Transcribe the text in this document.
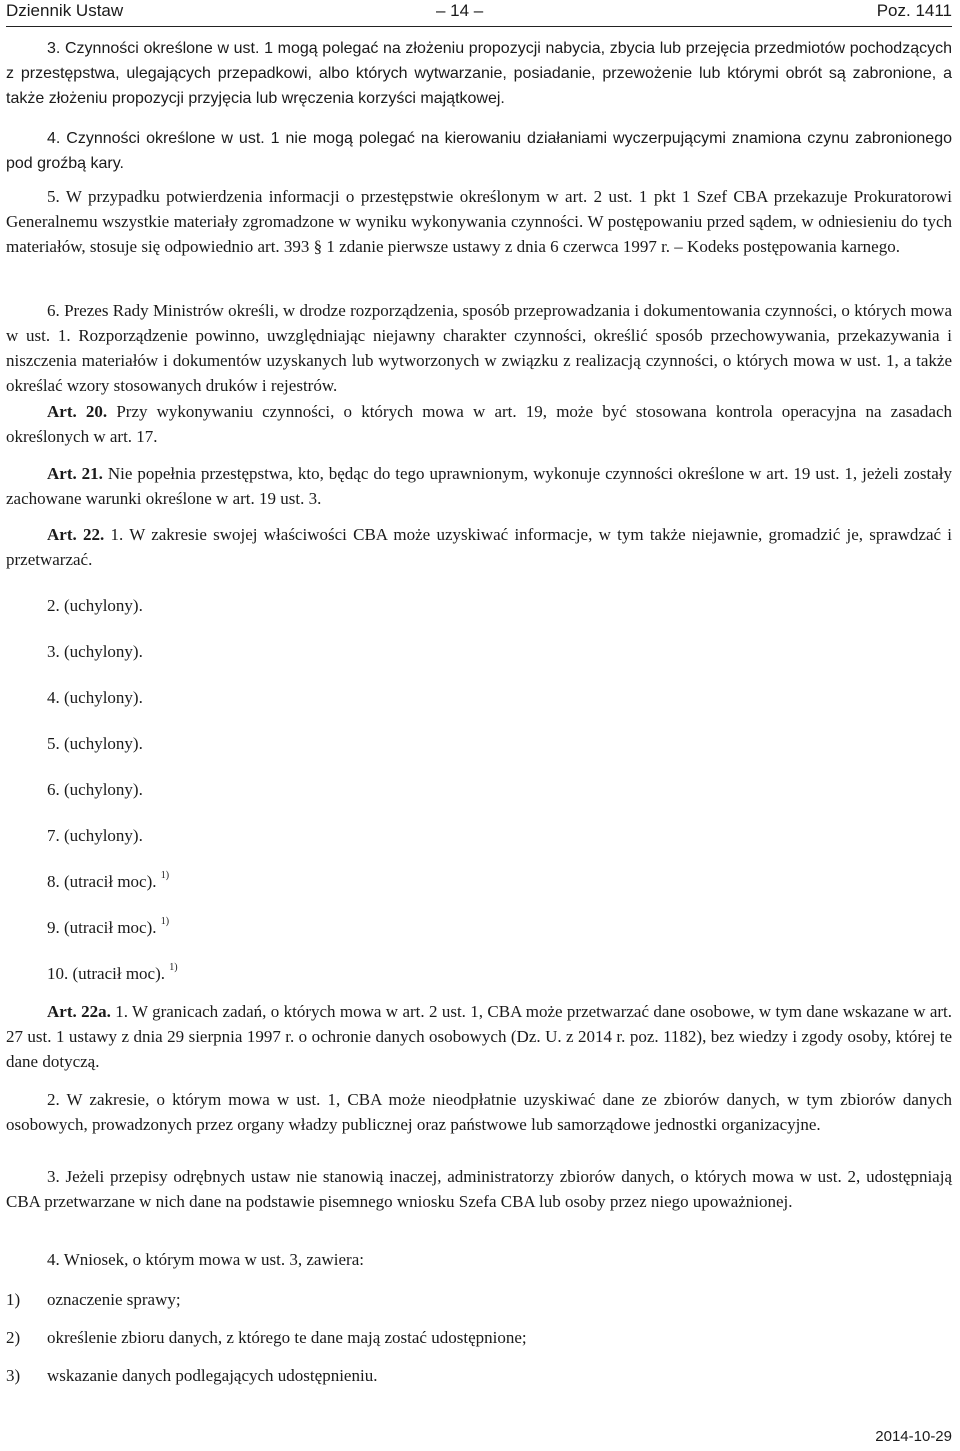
Dziennik Ustaw	– 14 –	Poz. 1411

3. Czynności określone w ust. 1 mogą polegać na złożeniu propozycji nabycia, zbycia lub przejęcia przedmiotów pochodzących z przestępstwa, ulegających przepadkowi, albo których wytwarzanie, posiadanie, przewożenie lub którymi obrót są zabronione, a także złożeniu propozycji przyjęcia lub wręczenia korzyści majątkowej.

4. Czynności określone w ust. 1 nie mogą polegać na kierowaniu działaniami wyczerpującymi znamiona czynu zabronionego pod groźbą kary.

5. W przypadku potwierdzenia informacji o przestępstwie określonym w art. 2 ust. 1 pkt 1 Szef CBA przekazuje Prokuratorowi Generalnemu wszystkie materiały zgromadzone w wyniku wykonywania czynności. W postępowaniu przed sądem, w odniesieniu do tych materiałów, stosuje się odpowiednio art. 393 § 1 zdanie pierwsze ustawy z dnia 6 czerwca 1997 r. – Kodeks postępowania karnego.

6. Prezes Rady Ministrów określi, w drodze rozporządzenia, sposób przeprowadzania i dokumentowania czynności, o których mowa w ust. 1. Rozporządzenie powinno, uwzględniając niejawny charakter czynności, określić sposób przechowywania, przekazywania i niszczenia materiałów i dokumentów uzyskanych lub wytworzonych w związku z realizacją czynności, o których mowa w ust. 1, a także określać wzory stosowanych druków i rejestrów.

Art. 20. Przy wykonywaniu czynności, o których mowa w art. 19, może być stosowana kontrola operacyjna na zasadach określonych w art. 17.

Art. 21. Nie popełnia przestępstwa, kto, będąc do tego uprawnionym, wykonuje czynności określone w art. 19 ust. 1, jeżeli zostały zachowane warunki określone w art. 19 ust. 3.

Art. 22. 1. W zakresie swojej właściwości CBA może uzyskiwać informacje, w tym także niejawnie, gromadzić je, sprawdzać i przetwarzać.

2. (uchylony).

3. (uchylony).

4. (uchylony).

5. (uchylony).

6. (uchylony).

7. (uchylony).

8. (utracił moc). $^{1)}$

9. (utracił moc). $^{1)}$

10. (utracił moc). $^{1)}$

Art. 22a. 1. W granicach zadań, o których mowa w art. 2 ust. 1, CBA może przetwarzać dane osobowe, w tym dane wskazane w art. 27 ust. 1 ustawy z dnia 29 sierpnia 1997 r. o ochronie danych osobowych (Dz. U. z 2014 r. poz. 1182), bez wiedzy i zgody osoby, której te dane dotyczą.

2. W zakresie, o którym mowa w ust. 1, CBA może nieodpłatnie uzyskiwać dane ze zbiorów danych, w tym zbiorów danych osobowych, prowadzonych przez organy władzy publicznej oraz państwowe lub samorządowe jednostki organizacyjne.

3. Jeżeli przepisy odrębnych ustaw nie stanowią inaczej, administratorzy zbiorów danych, o których mowa w ust. 2, udostępniają CBA przetwarzane w nich dane na podstawie pisemnego wniosku Szefa CBA lub osoby przez niego upoważnionej.

4. Wniosek, o którym mowa w ust. 3, zawiera:

1) oznaczenie sprawy;

2) określenie zbioru danych, z którego te dane mają zostać udostępnione;

3) wskazanie danych podlegających udostępnieniu.

2014-10-29
